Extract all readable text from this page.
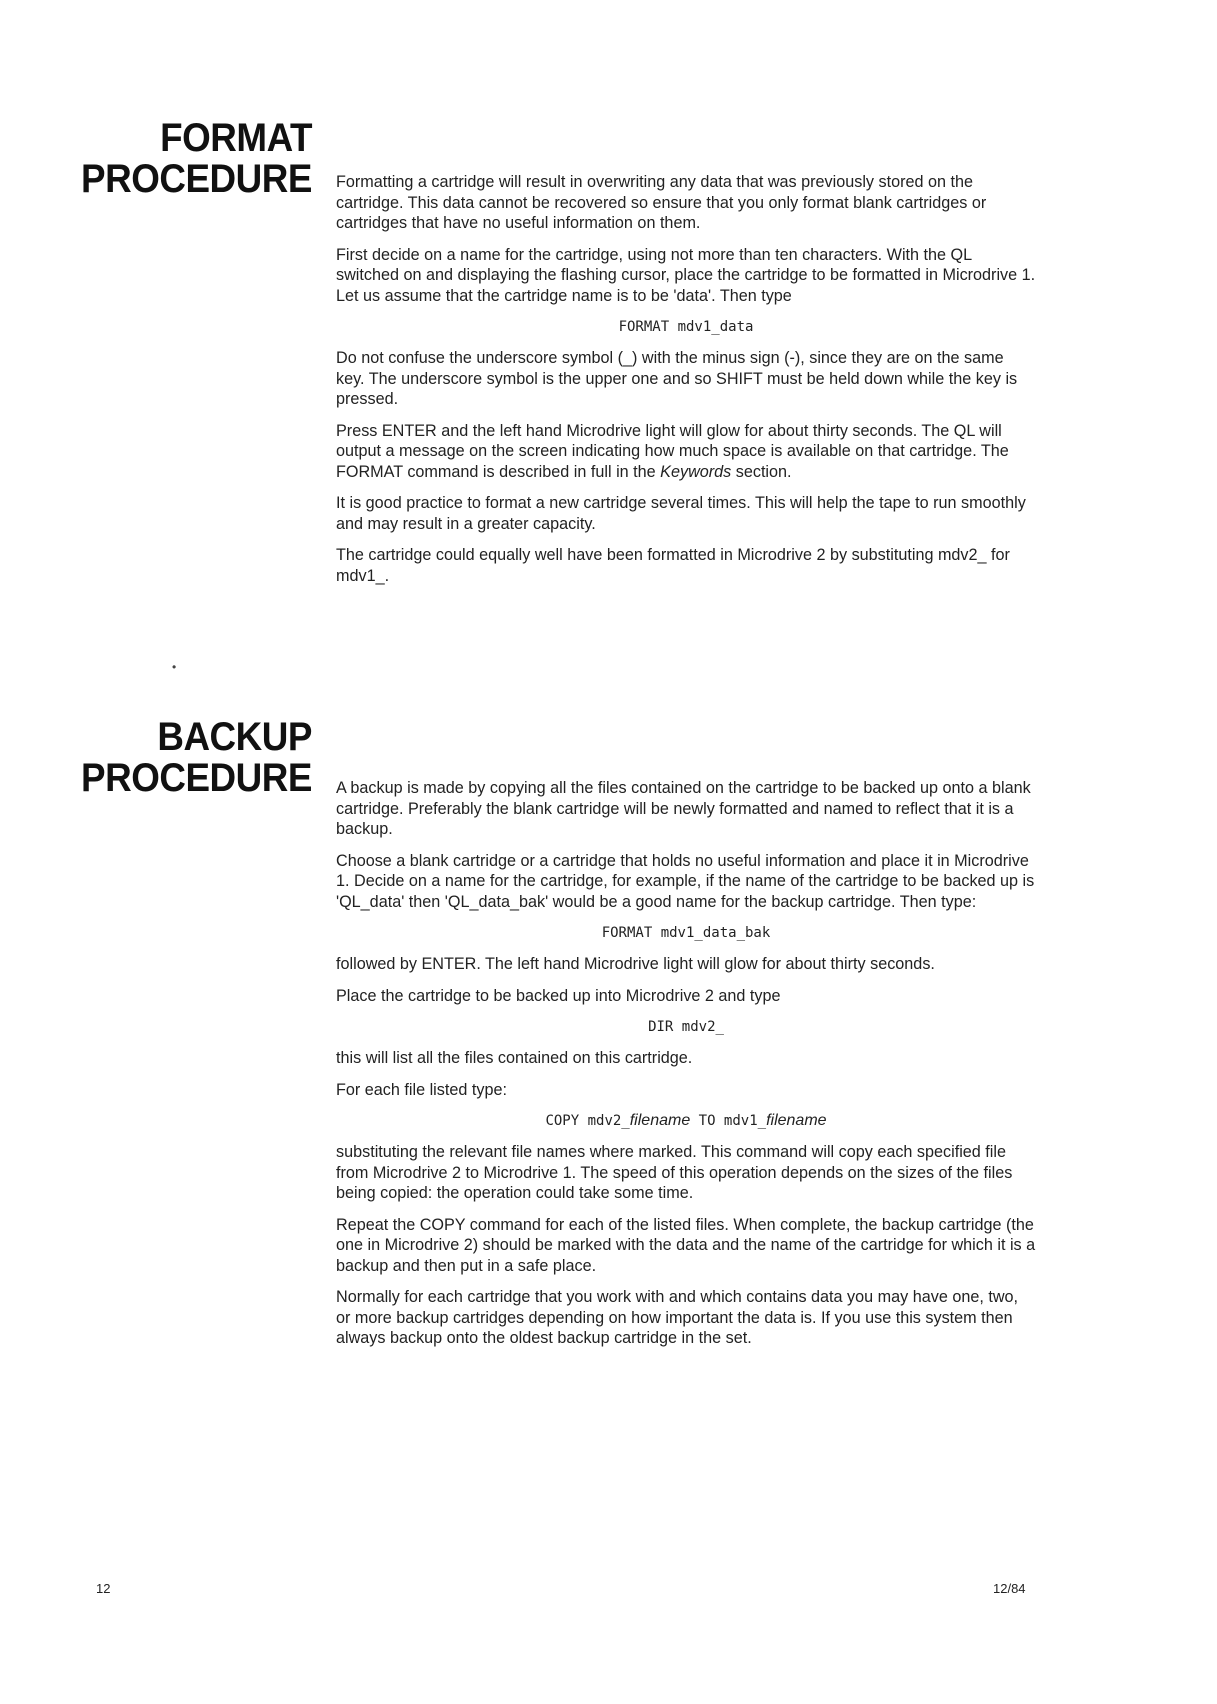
FORMAT
PROCEDURE Formatting a cartridge will result in overwriting any data that was previously stored on the cartridge. This data cannot be recovered so ensure that you only format blank cartridges or cartridges that have no useful information on them.

First decide on a name for the cartridge, using not more than ten characters. With the QL switched on and displaying the flashing cursor, place the cartridge to be formatted in Microdrive 1. Let us assume that the cartridge name is to be 'data'. Then type

FORMAT mdv1_data

Do not confuse the underscore symbol (_) with the minus sign (-), since they are on the same key. The underscore symbol is the upper one and so SHIFT must be held down while the key is pressed.

Press ENTER and the left hand Microdrive light will glow for about thirty seconds. The QL will output a message on the screen indicating how much space is available on that cartridge. The FORMAT command is described in full in the Keywords section.

It is good practice to format a new cartridge several times. This will help the tape to run smoothly and may result in a greater capacity.

The cartridge could equally well have been formatted in Microdrive 2 by substituting mdv2_ for mdv1_.

•
BACKUP
PROCEDURE A backup is made by copying all the files contained on the cartridge to be backed up onto a blank cartridge. Preferably the blank cartridge will be newly formatted and named to reflect that it is a backup.

Choose a blank cartridge or a cartridge that holds no useful information and place it in Microdrive 1. Decide on a name for the cartridge, for example, if the name of the cartridge to be backed up is 'QL_data' then 'QL_data_bak' would be a good name for the backup cartridge. Then type:

FORMAT mdv1_data_bak

followed by ENTER. The left hand Microdrive light will glow for about thirty seconds.

Place the cartridge to be backed up into Microdrive 2 and type

DIR mdv2_

this will list all the files contained on this cartridge.

For each file listed type:

COPY mdv2_filename TO mdv1_filename

substituting the relevant file names where marked. This command will copy each specified file from Microdrive 2 to Microdrive 1. The speed of this operation depends on the sizes of the files being copied: the operation could take some time.

Repeat the COPY command for each of the listed files. When complete, the backup cartridge (the one in Microdrive 2) should be marked with the data and the name of the cartridge for which it is a backup and then put in a safe place.

Normally for each cartridge that you work with and which contains data you may have one, two, or more backup cartridges depending on how important the data is. If you use this system then always backup onto the oldest backup cartridge in the set.

12	12/84
